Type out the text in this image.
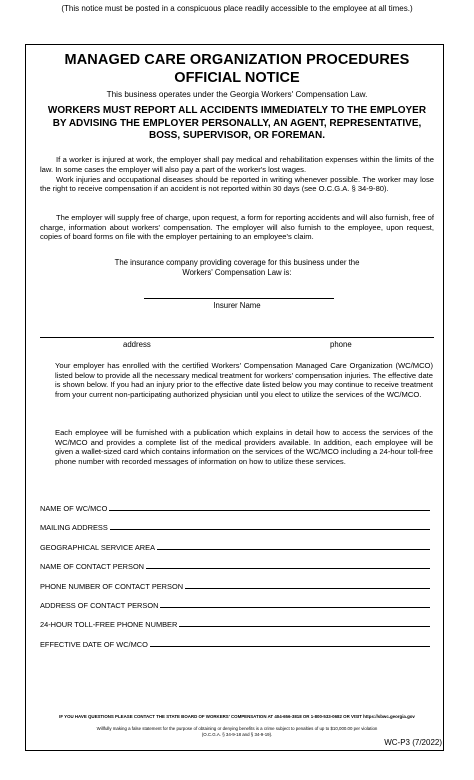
(This notice must be posted in a conspicuous place readily accessible to the employee at all times.)
MANAGED CARE ORGANIZATION PROCEDURES
OFFICIAL NOTICE
This business operates under the Georgia Workers' Compensation Law.
WORKERS MUST REPORT ALL ACCIDENTS IMMEDIATELY TO THE EMPLOYER BY ADVISING THE EMPLOYER PERSONALLY, AN AGENT, REPRESENTATIVE, BOSS, SUPERVISOR, OR FOREMAN.
If a worker is injured at work, the employer shall pay medical and rehabilitation expenses within the limits of the law. In some cases the employer will also pay a part of the worker's lost wages.
Work injuries and occupational diseases should be reported in writing whenever possible. The worker may lose the right to receive compensation if an accident is not reported within 30 days (see O.C.G.A. § 34-9-80).
The employer will supply free of charge, upon request, a form for reporting accidents and will also furnish, free of charge, information about workers' compensation. The employer will also furnish to the employee, upon request, copies of board forms on file with the employer pertaining to an employee's claim.
The insurance company providing coverage for this business under the
Workers' Compensation Law is:
Insurer Name
address	phone
Your employer has enrolled with the certified Workers' Compensation Managed Care Organization (WC/MCO) listed below to provide all the necessary medical treatment for workers' compensation injuries. The effective date is shown below. If you had an injury prior to the effective date listed below you may continue to receive treatment from your current non-participating authorized physician until you elect to utilize the services of the WC/MCO.
Each employee will be furnished with a publication which explains in detail how to access the services of the WC/MCO and provides a complete list of the medical providers available. In addition, each employee will be given a wallet-sized card which contains information on the services of the WC/MCO including a 24-hour toll-free phone number with recorded messages of information on how to utilize these services.
NAME OF WC/MCO
MAILING ADDRESS
GEOGRAPHICAL SERVICE AREA
NAME OF CONTACT PERSON
PHONE NUMBER OF CONTACT PERSON
ADDRESS OF CONTACT PERSON
24-HOUR TOLL-FREE PHONE NUMBER
EFFECTIVE DATE OF WC/MCO
IF YOU HAVE QUESTIONS PLEASE CONTACT THE STATE BOARD OF WORKERS' COMPENSATION AT 404-656-3818 OR 1-800-533-0682 OR VISIT https://sbwc.georgia.gov
Willfully making a false statement for the purpose of obtaining or denying benefits is a crime subject to penalties of up to $10,000.00 per violation
(O.C.G.A. § 34-9-18 and § 34-9-19).
WC-P3 (7/2022)
